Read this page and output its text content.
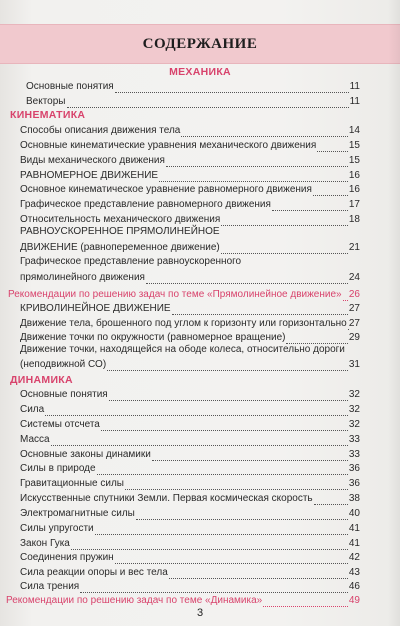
СОДЕРЖАНИЕ
МЕХАНИКА
Основные понятия	11
Векторы	11
КИНЕМАТИКА
Способы описания движения тела	14
Основные кинематические уравнения механического движения	15
Виды механического движения	15
РАВНОМЕРНОЕ ДВИЖЕНИЕ	16
Основное кинематическое уравнение равномерного движения	16
Графическое представление равномерного движения	17
Относительность механического движения	18
РАВНОУСКОРЕННОЕ ПРЯМОЛИНЕЙНОЕ
ДВИЖЕНИЕ (равнопеременное движение)	21
Графическое представление равноускоренного
прямолинейного движения	24
Рекомендации по решению задач по теме «Прямолинейное движение» 26
КРИВОЛИНЕЙНОЕ ДВИЖЕНИЕ	27
Движение тела, брошенного под углом к горизонту или горизонтально 27
Движение точки по окружности (равномерное вращение)	29
Движение точки, находящейся на ободе колеса, относительно дороги
(неподвижной СО)	31
ДИНАМИКА
Основные понятия	32
Сила	32
Системы отсчета	32
Масса	33
Основные законы динамики	33
Силы в природе	36
Гравитационные силы	36
Искусственные спутники Земли. Первая космическая скорость	38
Электромагнитные силы	40
Силы упругости	41
Закон Гука	41
Соединения пружин	42
Сила реакции опоры и вес тела	43
Сила трения	46
Рекомендации по решению задач по теме «Динамика»	49
3
